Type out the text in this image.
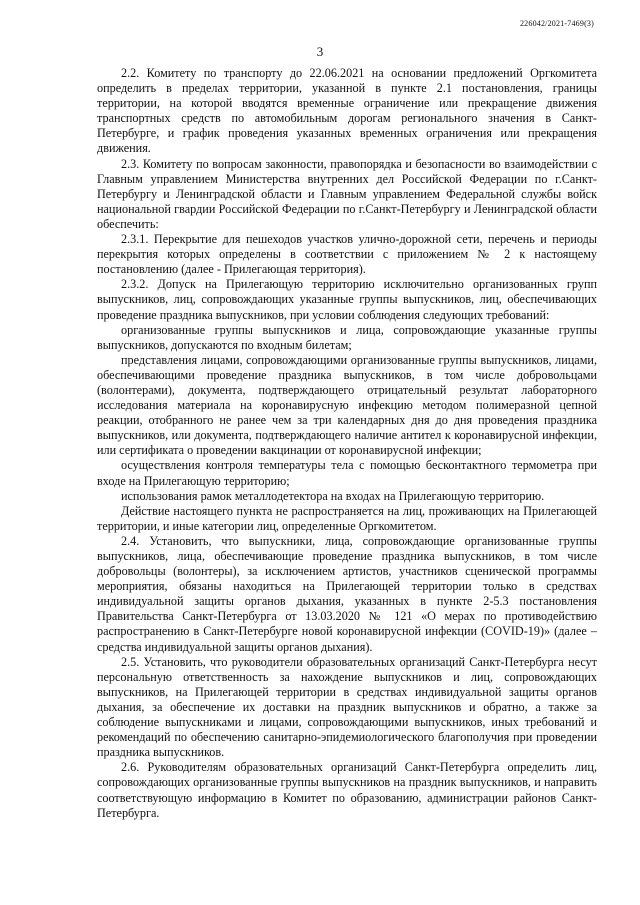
226042/2021-7469(3)
3

2.2. Комитету по транспорту до 22.06.2021 на основании предложений Оргкомитета определить в пределах территории, указанной в пункте 2.1 постановления, границы территории, на которой вводятся временные ограничение или прекращение движения транспортных средств по автомобильным дорогам регионального значения в Санкт-Петербурге, и график проведения указанных временных ограничения или прекращения движения.

2.3. Комитету по вопросам законности, правопорядка и безопасности во взаимодействии с Главным управлением Министерства внутренних дел Российской Федерации по г.Санкт-Петербургу и Ленинградской области и Главным управлением Федеральной службы войск национальной гвардии Российской Федерации по г.Санкт-Петербургу и Ленинградской области обеспечить:

2.3.1. Перекрытие для пешеходов участков улично-дорожной сети, перечень и периоды перекрытия которых определены в соответствии с приложением № 2 к настоящему постановлению (далее - Прилегающая территория).

2.3.2. Допуск на Прилегающую территорию исключительно организованных групп выпускников, лиц, сопровождающих указанные группы выпускников, лиц, обеспечивающих проведение праздника выпускников, при условии соблюдения следующих требований:

организованные группы выпускников и лица, сопровождающие указанные группы выпускников, допускаются по входным билетам;

представления лицами, сопровождающими организованные группы выпускников, лицами, обеспечивающими проведение праздника выпускников, в том числе добровольцами (волонтерами), документа, подтверждающего отрицательный результат лабораторного исследования материала на коронавирусную инфекцию методом полимеразной цепной реакции, отобранного не ранее чем за три календарных дня до дня проведения праздника выпускников, или документа, подтверждающего наличие антител к коронавирусной инфекции, или сертификата о проведении вакцинации от коронавирусной инфекции;

осуществления контроля температуры тела с помощью бесконтактного термометра при входе на Прилегающую территорию;

использования рамок металлодетектора на входах на Прилегающую территорию.

Действие настоящего пункта не распространяется на лиц, проживающих на Прилегающей территории, и иные категории лиц, определенные Оргкомитетом.

2.4. Установить, что выпускники, лица, сопровождающие организованные группы выпускников, лица, обеспечивающие проведение праздника выпускников, в том числе добровольцы (волонтеры), за исключением артистов, участников сценической программы мероприятия, обязаны находиться на Прилегающей территории только в средствах индивидуальной защиты органов дыхания, указанных в пункте 2-5.3 постановления Правительства Санкт-Петербурга от 13.03.2020 № 121 «О мерах по противодействию распространению в Санкт-Петербурге новой коронавирусной инфекции (COVID-19)» (далее – средства индивидуальной защиты органов дыхания).

2.5. Установить, что руководители образовательных организаций Санкт-Петербурга несут персональную ответственность за нахождение выпускников и лиц, сопровождающих выпускников, на Прилегающей территории в средствах индивидуальной защиты органов дыхания, за обеспечение их доставки на праздник выпускников и обратно, а также за соблюдение выпускниками и лицами, сопровождающими выпускников, иных требований и рекомендаций по обеспечению санитарно-эпидемиологического благополучия при проведении праздника выпускников.

2.6. Руководителям образовательных организаций Санкт-Петербурга определить лиц, сопровождающих организованные группы выпускников на праздник выпускников, и направить соответствующую информацию в Комитет по образованию, администрации районов Санкт-Петербурга.
